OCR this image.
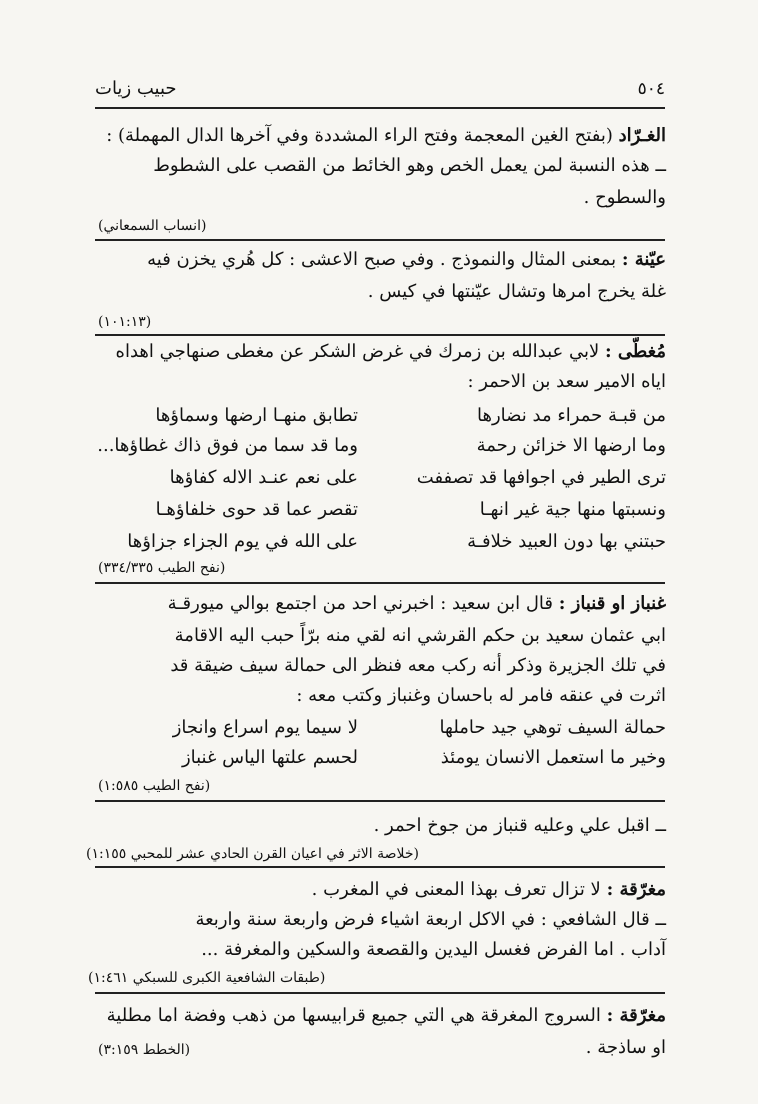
٥٠٤
حبيب زيات
الغـرّاد (بفتح الغين المعجمة وفتح الراء المشددة وفي آخرها الدال المهملة) :
ــ هذه النسبة لمن يعمل الخص وهو الخائط من القصب على الشطوط
والسطوح .
(انساب السمعاني)
عيّنة : بمعنى المثال والنموذج . وفي صبح الاعشى : كل هُري يخزن فيه
غلة يخرج امرها وتشال عيّنتها في كيس .
(١٠١:١٣)
مُغطّى : لابي عبدالله بن زمرك في غرض الشكر عن مغطى صنهاجي اهداه
اياه الامير سعد بن الاحمر :
من قبـة حمراء مد نضارها
تطابق منهـا ارضها وسماؤها
وما ارضها الا خزائن رحمة
وما قد سما من فوق ذاك غطاؤها...
ترى الطير في اجوافها قد تصففت
على نعم عنـد الاله كفاؤها
ونسبتها منها جية غير انهـا
تقصر عما قد حوى خلفاؤهـا
حبتني بها دون العبيد خلافـة
على الله في يوم الجزاء جزاؤها
(نفح الطيب ٣٣٤/٣٣٥)
غنباز او قنباز : قال ابن سعيد : اخبرني احد من اجتمع بوالي ميورقـة
ابي عثمان سعيد بن حكم القرشي انه لقي منه برّاً حبب اليه الاقامة
في تلك الجزيرة وذكر أنه ركب معه فنظر الى حمالة سيف ضيقة قد
اثرت في عنقه فامر له باحسان وغنباز وكتب معه :
حمالة السيف توهي جيد حاملها
لا سيما يوم اسراع وانجاز
وخير ما استعمل الانسان يومئذ
لحسم علتها الياس غنباز
(نفح الطيب ١:٥٨٥)
ــ اقبل علي وعليه قنباز من جوخ احمر .
(خلاصة الاثر في اعيان القرن الحادي عشر للمحبي ١:١٥٥)
مغرّقة : لا تزال تعرف بهذا المعنى في المغرب .
ــ قال الشافعي : في الاكل اربعة اشياء فرض واربعة سنة واربعة
آداب . اما الفرض فغسل اليدين والقصعة والسكين والمغرفة ...
(طبقات الشافعية الكبرى للسبكي ١:٤٦١)
مغرّقة : السروج المغرقة هي التي جميع قرابيسها من ذهب وفضة اما مطلية
او ساذجة .
(الخطط ٣:١٥٩)
